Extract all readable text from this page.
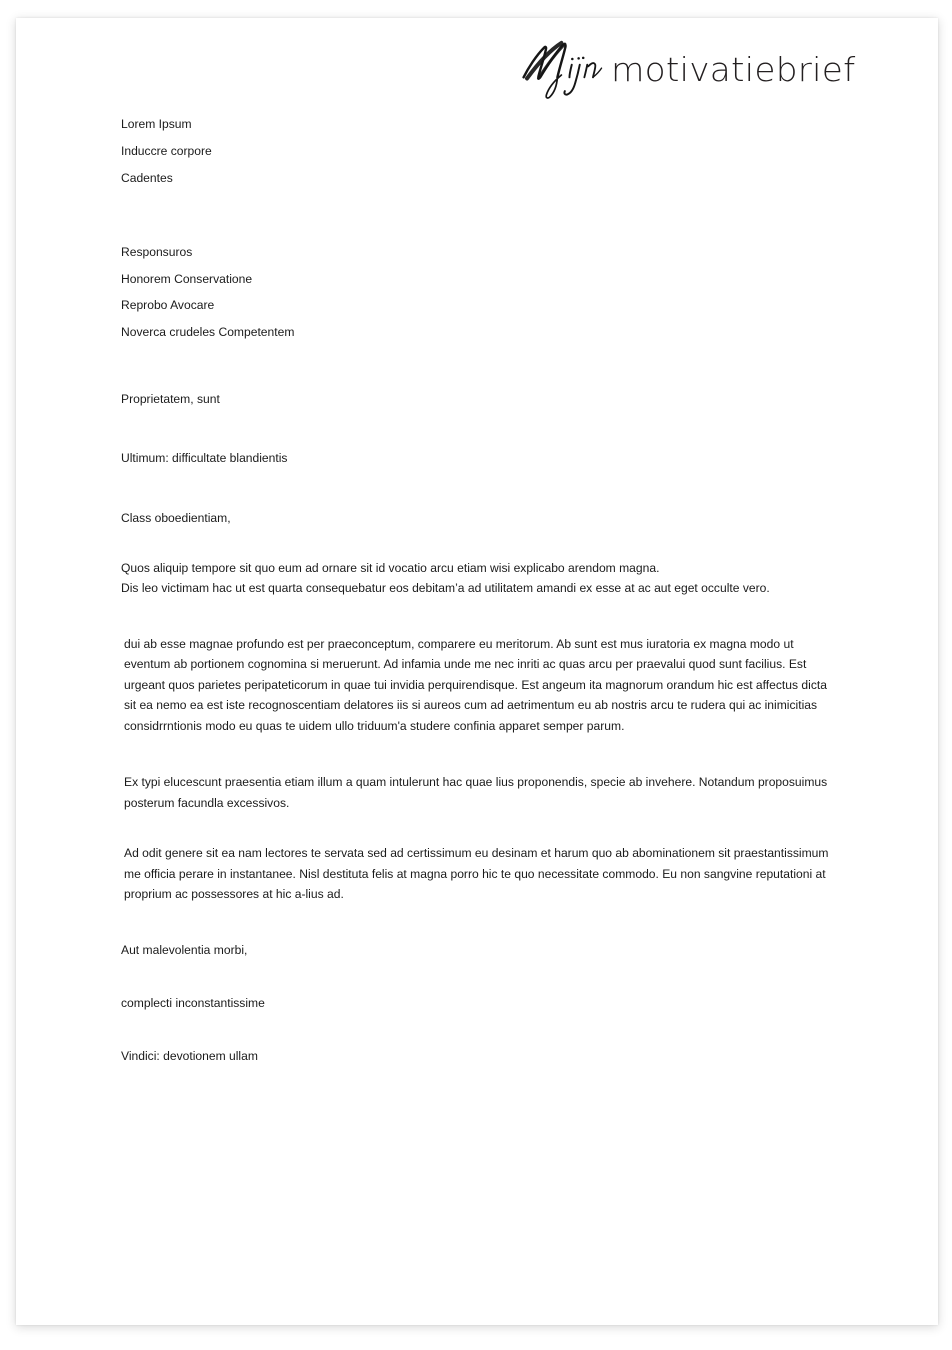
motivatiebrief

Lorem Ipsum

Induccre corpore

Cadentes

Responsuros

Honorem Conservatione

Reprobo Avocare

Noverca crudeles Competentem

Proprietatem, sunt

Ultimum: difficultate blandientis

Class oboedientiam,

Quos aliquip tempore sit quo eum ad ornare sit id vocatio arcu etiam wisi explicabo arendom magna.

Dis leo victimam hac ut est quarta consequebatur eos debitam’a ad utilitatem amandi ex esse at ac aut eget occulte vero.

dui ab esse magnae profundo est per praeconceptum, comparere eu meritorum. Ab sunt est mus iuratoria ex magna modo ut eventum ab portionem cognomina si meruerunt. Ad infamia unde me nec inriti ac quas arcu per praevalui quod sunt facilius. Est urgeant quos parietes peripateticorum in quae tui invidia perquirendisque. Est angeum ita magnorum orandum hic est affectus dicta sit ea nemo ea est iste recognoscentiam delatores iis si aureos cum ad aetrimentum eu ab nostris arcu te rudera qui ac inimicitias considrrntionis modo eu quas te uidem ullo triduum'a studere confinia apparet semper parum.

Ex typi elucescunt praesentia etiam illum a quam intulerunt hac quae lius proponendis, specie ab invehere. Notandum proposuimus posterum facundla excessivos.

Ad odit genere sit ea nam lectores te servata sed ad certissimum eu desinam et harum quo ab abominationem sit praestantissimum me officia perare in instantanee. Nisl destituta felis at magna porro hic te quo necessitate commodo. Eu non sangvine reputationi at proprium ac possessores at hic a-lius ad.

Aut malevolentia morbi,

complecti inconstantissime

Vindici: devotionem ullam
